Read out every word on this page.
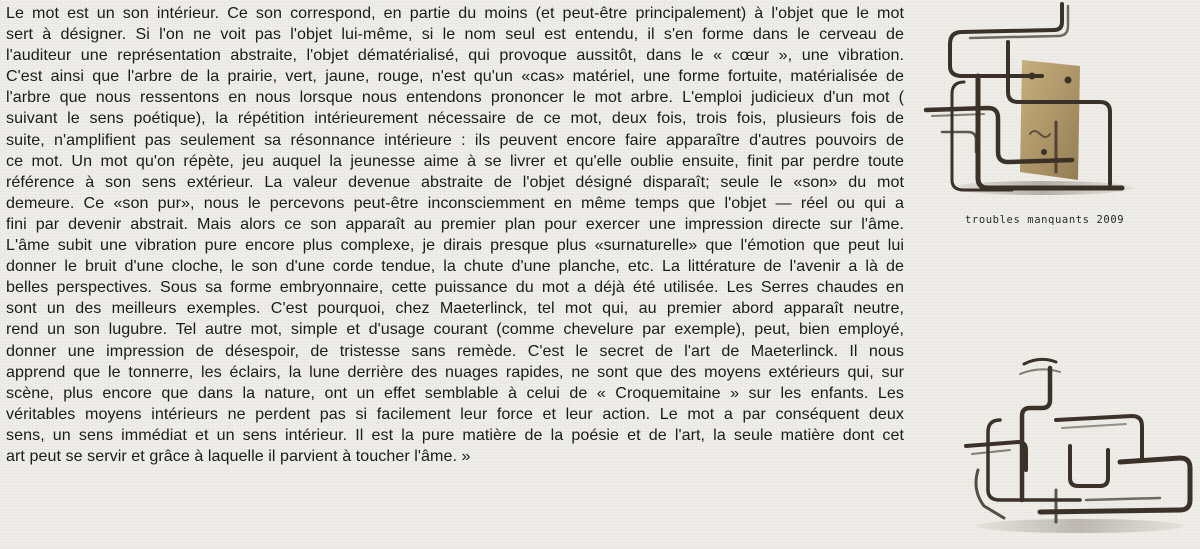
Le mot est un son intérieur. Ce son correspond, en partie du moins (et peut-être principalement) à l'objet que le mot
sert à désigner. Si l'on ne voit pas l'objet lui-même, si le nom seul est entendu, il s'en forme dans le cerveau de
l'auditeur une représentation abstraite, l'objet dématérialisé, qui provoque aussitôt, dans le « cœur », une vibration.
C'est ainsi que l'arbre de la prairie, vert, jaune, rouge, n'est qu'un «cas» matériel, une forme fortuite, matérialisée de
l'arbre que nous ressentons en nous lorsque nous entendons prononcer le mot arbre. L'emploi judicieux d'un mot (
suivant le sens poétique), la répétition intérieurement nécessaire de ce mot, deux fois, trois fois, plusieurs fois de
suite, n'amplifient pas seulement sa résonnance intérieure : ils peuvent encore faire apparaître d'autres pouvoirs de
ce mot. Un mot qu'on répète, jeu auquel la jeunesse aime à se livrer et qu'elle oublie ensuite, finit par perdre toute
référence à son sens extérieur. La valeur devenue abstraite de l'objet désigné disparaît; seule le «son» du mot
demeure. Ce «son pur», nous le percevons peut-être inconsciemment en même temps que l'objet — réel ou qui a
fini par devenir abstrait. Mais alors ce son apparaît au premier plan pour exercer une impression directe sur l'âme.
L'âme subit une vibration pure encore plus complexe, je dirais presque plus «surnaturelle» que l'émotion que peut lui
donner le bruit d'une cloche, le son d'une corde tendue, la chute d'une planche, etc. La littérature de l'avenir a là de
belles perspectives. Sous sa forme embryonnaire, cette puissance du mot a déjà été utilisée. Les Serres chaudes en
sont un des meilleurs exemples. C'est pourquoi, chez Maeterlinck, tel mot qui, au premier abord apparaît neutre,
rend un son lugubre. Tel autre mot, simple et d'usage courant (comme chevelure par exemple), peut, bien employé,
donner une impression de désespoir, de tristesse sans remède. C'est le secret de l'art de Maeterlinck. Il nous
apprend que le tonnerre, les éclairs, la lune derrière des nuages rapides, ne sont que des moyens extérieurs qui, sur
scène, plus encore que dans la nature, ont un effet semblable à celui de « Croquemitaine » sur les enfants. Les
véritables moyens intérieurs ne perdent pas si facilement leur force et leur action. Le mot a par conséquent deux
sens, un sens immédiat et un sens intérieur. Il est la pure matière de la poésie et de l'art, la seule matière dont cet
art peut se servir et grâce à laquelle il parvient à toucher l'âme. »
troubles manquants 2009
